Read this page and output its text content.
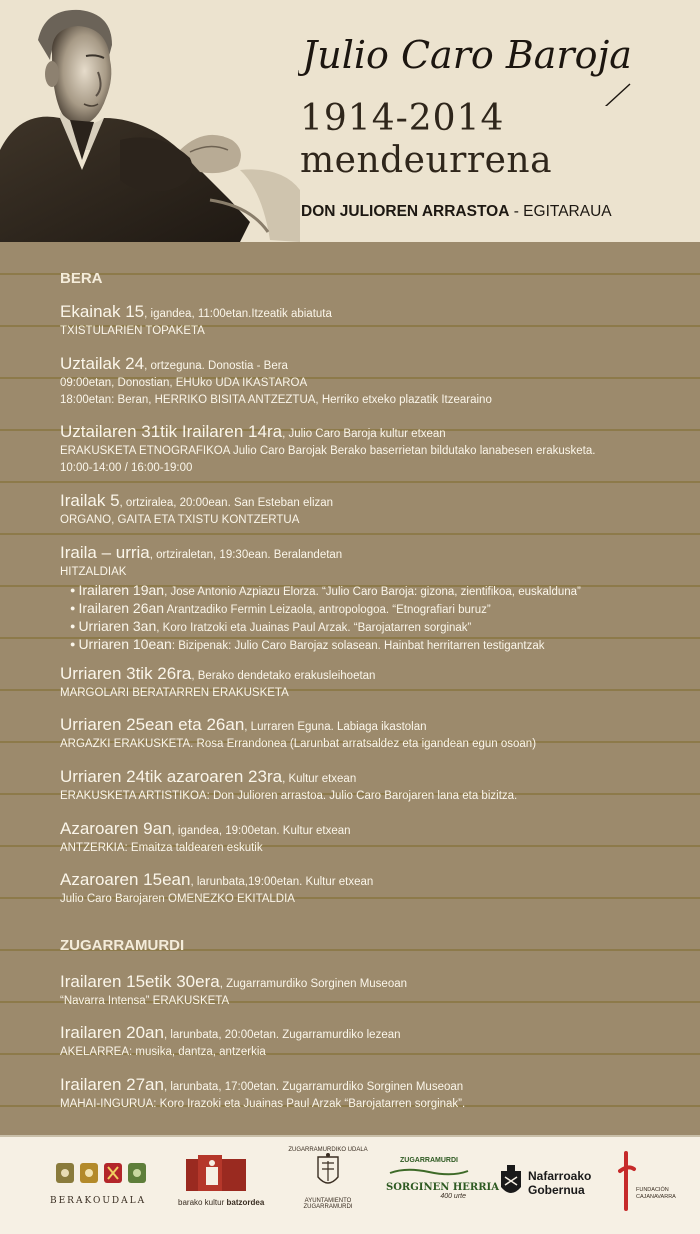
Julio Caro Baroja
1914-2014
mendeurrena
DON JULIOREN ARRASTOA - EGITARAUA
BERA
Ekainak 15, igandea, 11:00etan.Itzeatik abiatuta
TXISTULARIEN TOPAKETA
Uztailak 24, ortzeguna. Donostia - Bera
09:00etan, Donostian, EHUko UDA IKASTAROA
18:00etan: Beran, HERRIKO BISITA ANTZEZTUA, Herriko etxeko plazatik Itzearaino
Uztailaren 31tik Irailaren 14ra, Julio Caro Baroja kultur etxean
ERAKUSKETA ETNOGRAFIKOA Julio Caro Barojak Berako baserrietan bildutako lanabesen erakusketa.
10:00-14:00 / 16:00-19:00
Irailak 5, ortziralea, 20:00ean. San Esteban elizan
ORGANO, GAITA ETA TXISTU KONTZERTUA
Iraila – urria, ortziraletan, 19:30ean. Beralandetan
HITZALDIAK
● Irailaren 19an, Jose Antonio Azpiazu Elorza. “Julio Caro Baroja: gizona, zientifikoa, euskalduna”
● Irailaren 26an Arantzadiko Fermin Leizaola, antropologoa. “Etnografiari buruz”
● Urriaren 3an, Koro Iratzoki eta Juainas Paul Arzak. “Barojatarren sorginak”
● Urriaren 10ean: Bizipenak: Julio Caro Barojaz solasean. Hainbat herritarren testigantzak
Urriaren 3tik 26ra, Berako dendetako erakusleihoetan
MARGOLARI BERATARREN ERAKUSKETA
Urriaren 25ean eta 26an, Lurraren Eguna. Labiaga ikastolan
ARGAZKI ERAKUSKETA. Rosa Errandonea (Larunbat arratsaldez eta igandean egun osoan)
Urriaren 24tik azaroaren 23ra, Kultur etxean
ERAKUSKETA ARTISTIKOA: Don Julioren arrastoa. Julio Caro Barojaren lana eta bizitza.
Azaroaren 9an, igandea, 19:00etan. Kultur etxean
ANTZERKIA: Emaitza taldearen eskutik
Azaroaren 15ean, larunbata,19:00etan. Kultur etxean
Julio Caro Barojaren OMENEZKO EKITALDIA
ZUGARRAMURDI
Irailaren 15etik 30era, Zugarramurdiko Sorginen Museoan
“Navarra Intensa” ERAKUSKETA
Irailaren 20an, larunbata, 20:00etan. Zugarramurdiko lezean
AKELARREA: musika, dantza, antzerkia
Irailaren 27an, larunbata, 17:00etan. Zugarramurdiko Sorginen Museoan
MAHAI-INGURUA: Koro Irazoki eta Juainas Paul Arzak “Barojatarren sorginak”.
BERAKOUDALA	barako kultur batzordea
ZUGARRAMURDIKO UDALA
AYUNTAMIENTO
ZUGARRAMURDI
ZUGARRAMURDI
SORGINEN HERRIA
400 urte
Nafarroako
Gobernua	FUNDACIÓN
CAJANAVARRA
